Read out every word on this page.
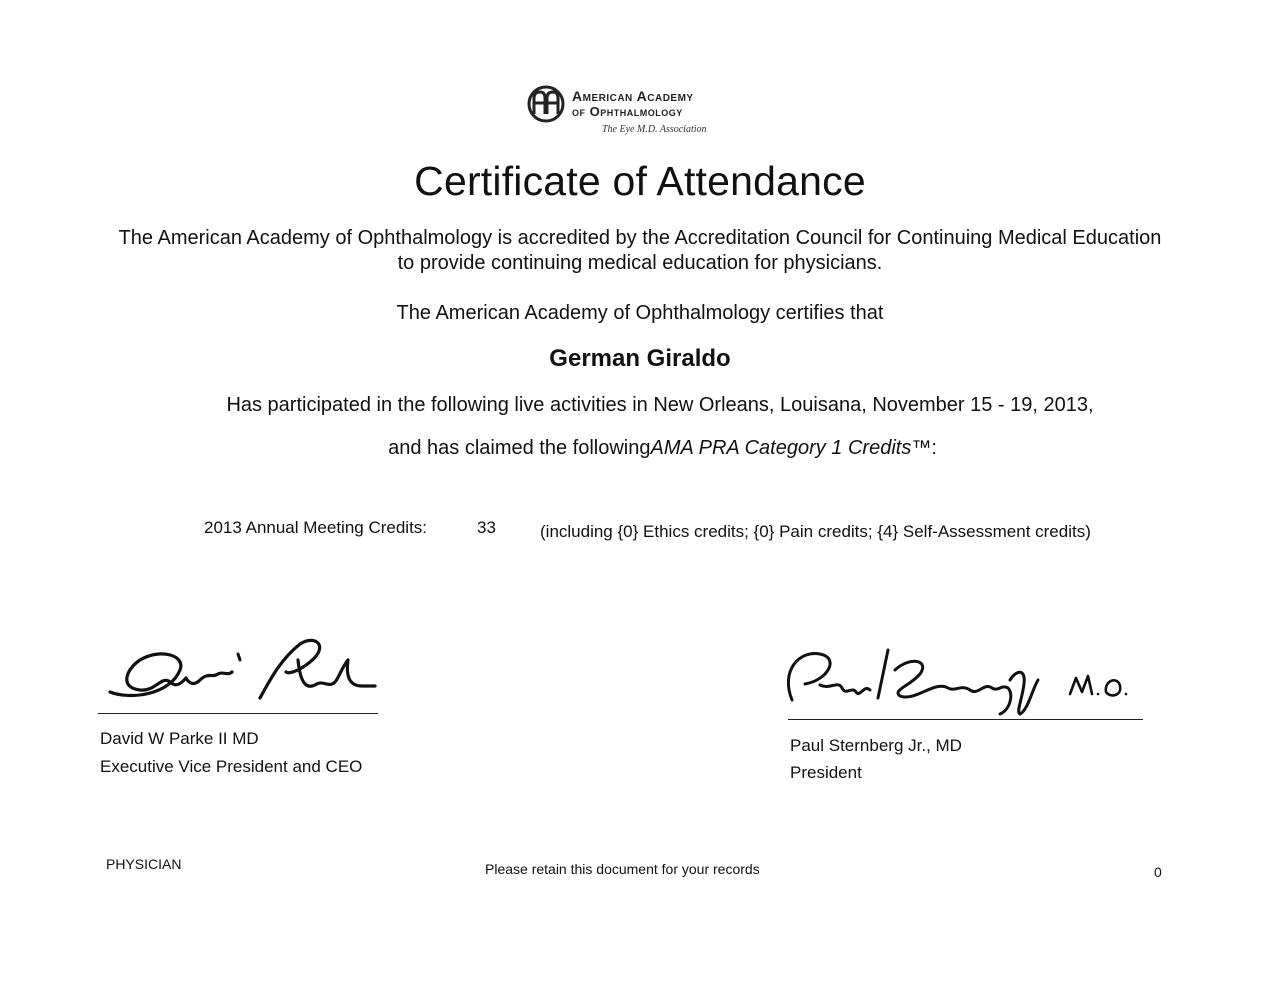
American Academy
of Ophthalmology
The Eye M.D. Association
Certificate of Attendance
The American Academy of Ophthalmology is accredited by the Accreditation Council for Continuing Medical Education to provide continuing medical education for physicians.
The American Academy of Ophthalmology certifies that
German Giraldo
Has participated in the following live activities in New Orleans, Louisana, November 15 - 19, 2013,
and has claimed the followingAMA PRA Category 1 Credits™:
2013 Annual Meeting Credits:	33	(including {0} Ethics credits; {0} Pain credits; {4} Self-Assessment credits)
David W Parke II MD
Executive Vice President and CEO
Paul Sternberg Jr., MD
President
PHYSICIAN	Please retain this document for your records	0
